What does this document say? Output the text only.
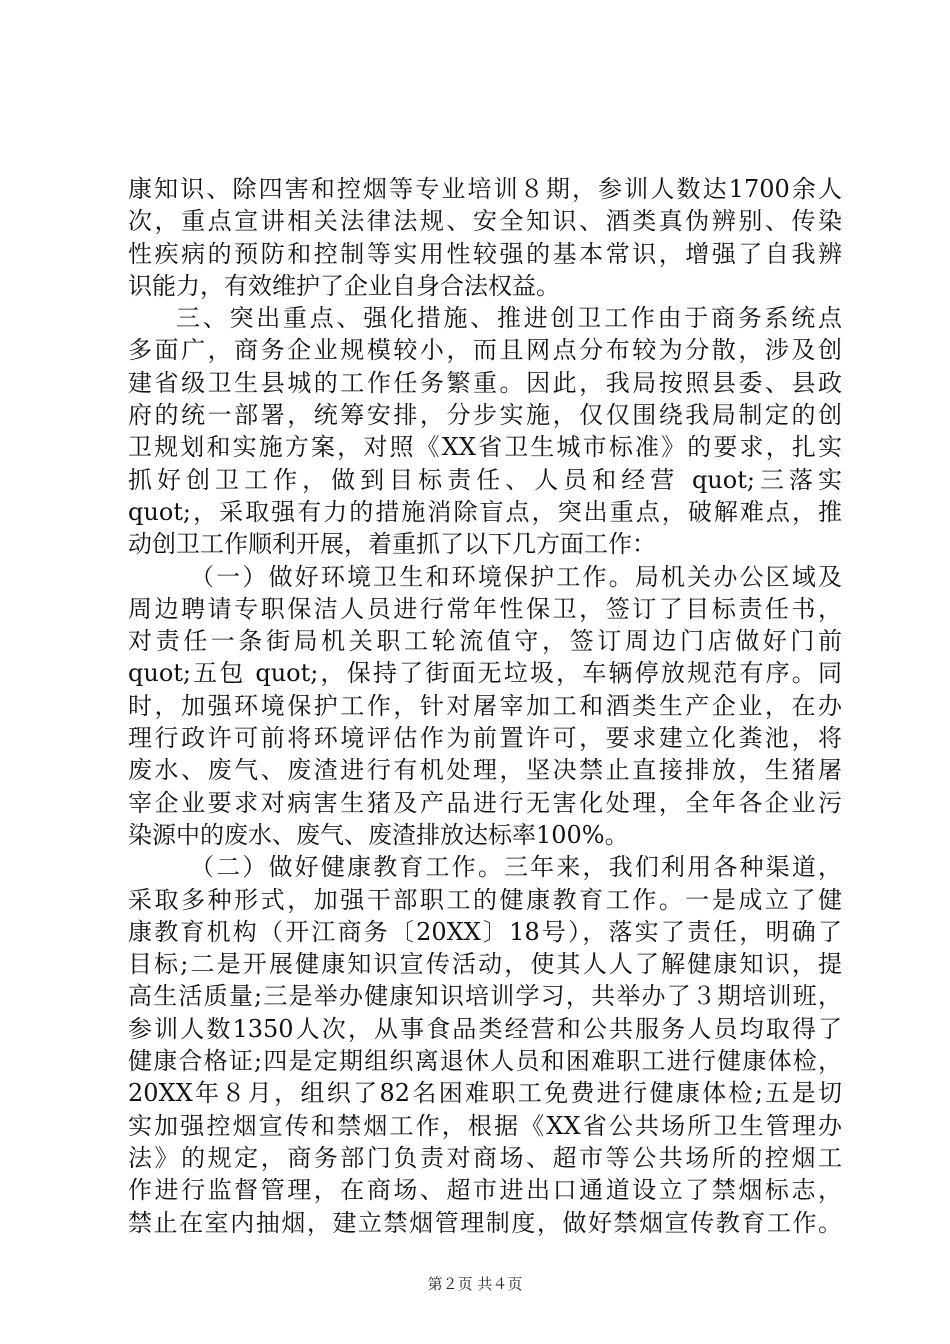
康知识、除四害和控烟等专业培训８期，参训人数达1700余人
次，重点宣讲相关法律法规、安全知识、酒类真伪辨别、传染
性疾病的预防和控制等实用性较强的基本常识，增强了自我辨
识能力，有效维护了企业自身合法权益。
三、突出重点、强化措施、推进创卫工作由于商务系统点
多面广，商务企业规模较小，而且网点分布较为分散，涉及创
建省级卫生县城的工作任务繁重。因此，我局按照县委、县政
府的统一部署，统筹安排，分步实施，仅仅围绕我局制定的创
卫规划和实施方案，对照《XX省卫生城市标准》的要求，扎实
抓好创卫工作，做到目标责任、人员和经营 quot;三落实
quot;，采取强有力的措施消除盲点，突出重点，破解难点，推
动创卫工作顺利开展，着重抓了以下几方面工作：
（一）做好环境卫生和环境保护工作。局机关办公区域及
周边聘请专职保洁人员进行常年性保卫，签订了目标责任书，
对责任一条街局机关职工轮流值守，签订周边门店做好门前
quot;五包 quot;，保持了街面无垃圾，车辆停放规范有序。同
时，加强环境保护工作，针对屠宰加工和酒类生产企业，在办
理行政许可前将环境评估作为前置许可，要求建立化粪池，将
废水、废气、废渣进行有机处理，坚决禁止直接排放，生猪屠
宰企业要求对病害生猪及产品进行无害化处理，全年各企业污
染源中的废水、废气、废渣排放达标率100%。
（二）做好健康教育工作。三年来，我们利用各种渠道，
采取多种形式，加强干部职工的健康教育工作。一是成立了健
康教育机构（开江商务〔20XX〕18号），落实了责任，明确了
目标;二是开展健康知识宣传活动，使其人人了解健康知识，提
高生活质量;三是举办健康知识培训学习，共举办了３期培训班，
参训人数1350人次，从事食品类经营和公共服务人员均取得了
健康合格证;四是定期组织离退休人员和困难职工进行健康体检，
20XX年８月，组织了82名困难职工免费进行健康体检;五是切
实加强控烟宣传和禁烟工作，根据《XX省公共场所卫生管理办
法》的规定，商务部门负责对商场、超市等公共场所的控烟工
作进行监督管理，在商场、超市进出口通道设立了禁烟标志，
禁止在室内抽烟，建立禁烟管理制度，做好禁烟宣传教育工作。
第２页 共４页
